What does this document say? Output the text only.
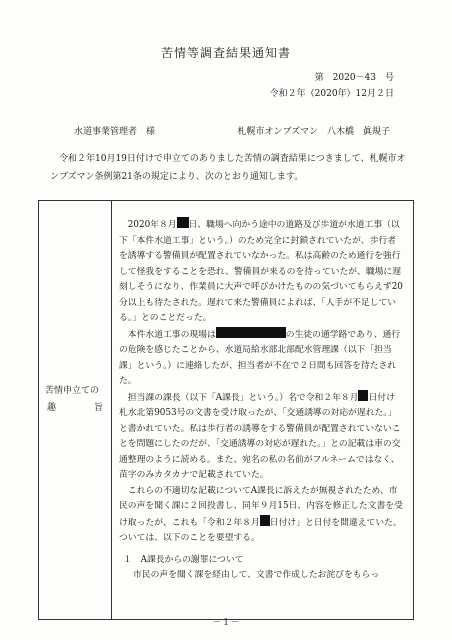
苦情等調査結果通知書
第　2020－43　号
令和２年（2020年）12月２日
水道事業管理者　様	札幌市オンブズマン　八木橋　眞規子
令和２年10月19日付けで申立てのありました苦情の調査結果につきまして、札幌市オンブズマン条例第21条の規定により、次のとおり通知します。
苦情申立ての
趣	旨

2020年８月 日、職場へ向かう途中の道路及び歩道が水道工事（以下「本件水道工事」という。）のため完全に封鎖されていたが、歩行者を誘導する警備員が配置されていなかった。私は高齢のため通行を強行して怪我をすることを恐れ、警備員が来るのを待っていたが、職場に遅刻しそうになり、作業員に大声で呼びかけたものの気づいてもらえず20分以上も待たされた。遅れて来た警備員によれば、「人手が不足している。」とのことだった。

本件水道工事の現場は	の生徒の通学路であり、通行の危険を感じたことから、水道局給水部北部配水管理課（以下「担当課」という。）に連絡したが、担当者が不在で２日間も回答を待たされた。

担当課の課長（以下「A課長」という。）名で令和２年８月 日付け札水北第9053号の文書を受け取ったが、「交通誘導の対応が遅れた。」と書かれていた。私は歩行者の誘導をする警備員が配置されていないことを問題にしたのだが、「交通誘導の対応が遅れた。」との記載は車の交通整理のように読める。また、宛名の私の名前がフルネームではなく、苗字のみカタカナで記載されていた。

これらの不適切な記載についてA課長に訴えたが無視されたため、市民の声を聞く課に２回投書し、同年９月15日、内容を修正した文書を受け取ったが、これも「令和２年８月 日付け」と日付を間違えていた。ついては、以下のことを要望する。

１　A課長からの謝罪について

市民の声を聞く課を経由して、文書で作成したお詫びをもらっ

－１－
